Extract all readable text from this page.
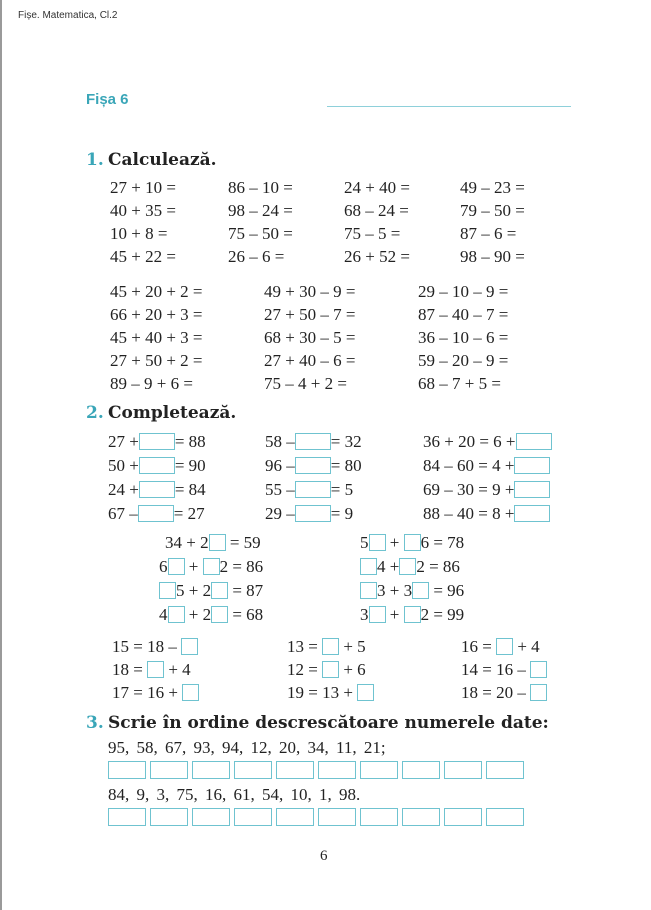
Fișe. Matematica, Cl.2
Fișa 6
1. Calculează.
27 + 10 =	86 – 10 =	24 + 40 =	49 – 23 =
40 + 35 =	98 – 24 =	68 – 24 =	79 – 50 =
10 + 8 =	75 – 50 =	75 – 5 =	87 – 6 =
45 + 22 =	26 – 6 =	26 + 52 =	98 – 90 =
45 + 20 + 2 =	49 + 30 – 9 =	29 – 10 – 9 =
66 + 20 + 3 =	27 + 50 – 7 =	87 – 40 – 7 =
45 + 40 + 3 =	68 + 30 – 5 =	36 – 10 – 6 =
27 + 50 + 2 =	27 + 40 – 6 =	59 – 20 – 9 =
89 – 9 + 6 =	75 – 4 + 2 =	68 – 7 + 5 =
2. Completează.
27 + = 88	58 – = 32	36 + 20 = 6 +
50 + = 90	96 – = 80	84 – 60 = 4 +
24 + = 84	55 – = 5	69 – 30 = 9 +
67 – = 27	29 – = 9	88 – 40 = 8 +
34 + 2 = 59	5 + 6 = 78
6 + 2 = 86	4 + 2 = 86
5 + 2 = 87	3 + 3 = 96
4 + 2 = 68	3 + 2 = 99
15 = 18 –	13 = + 5	16 = + 4
18 = + 4	12 = + 6	14 = 16 –
17 = 16 +	19 = 13 +	18 = 20 –
3. Scrie în ordine descrescătoare numerele date:
95, 58, 67, 93, 94, 12, 20, 34, 11, 21;
84, 9, 3, 75, 16, 61, 54, 10, 1, 98.
6
